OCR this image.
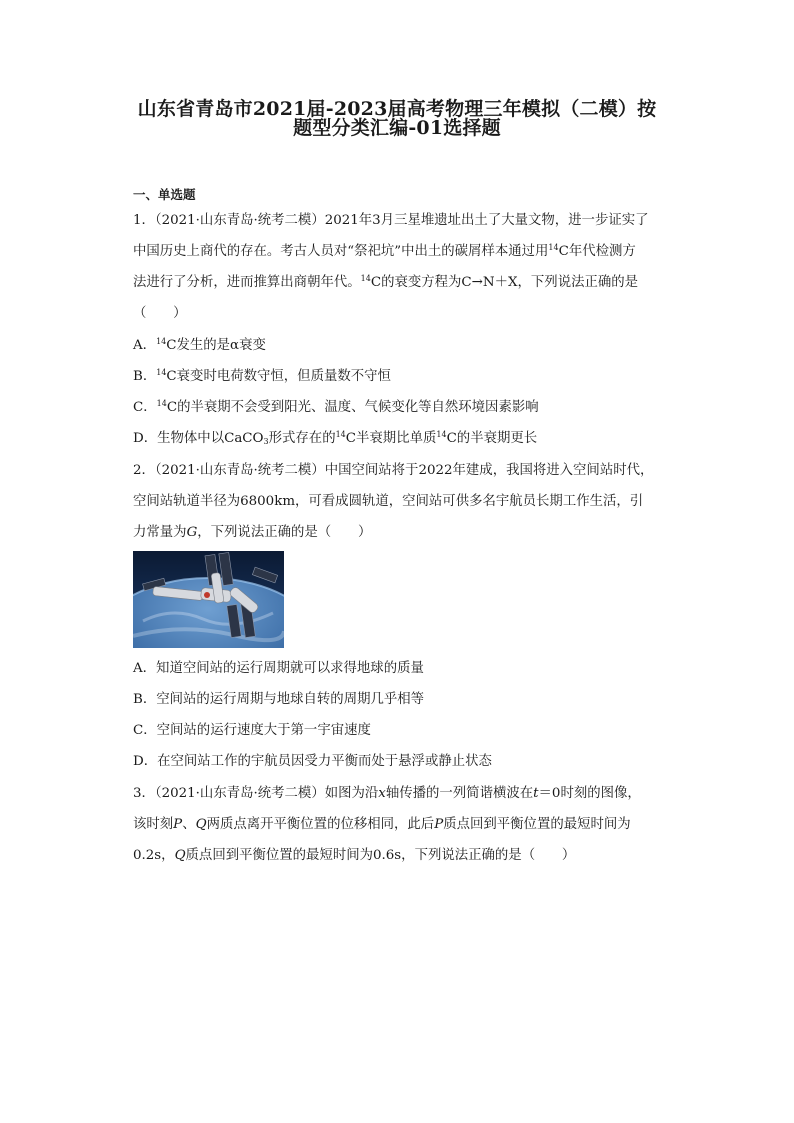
山东省青岛市2021届-2023届高考物理三年模拟（二模）按
题型分类汇编-01选择题
一、单选题
1．（2021·山东青岛·统考二模）2021年3月三星堆遗址出土了大量文物，进一步证实了
中国历史上商代的存在。考古人员对“祭祀坑”中出土的碳屑样本通过用$^{14}$C年代检测方
法进行了分析，进而推算出商朝年代。$^{14}$C的衰变方程为C→N＋X，下列说法正确的是
（　　）
A．$^{14}$C发生的是α衰变
B．$^{14}$C衰变时电荷数守恒，但质量数不守恒
C．$^{14}$C的半衰期不会受到阳光、温度、气候变化等自然环境因素影响
D．生物体中以CaCO$_3$形式存在的$^{14}$C半衰期比单质$^{14}$C的半衰期更长
2．（2021·山东青岛·统考二模）中国空间站将于2022年建成，我国将进入空间站时代，
空间站轨道半径为6800km，可看成圆轨道，空间站可供多名宇航员长期工作生活，引
力常量为G，下列说法正确的是（　　）
A．知道空间站的运行周期就可以求得地球的质量
B．空间站的运行周期与地球自转的周期几乎相等
C．空间站的运行速度大于第一宇宙速度
D．在空间站工作的宇航员因受力平衡而处于悬浮或静止状态
3．（2021·山东青岛·统考二模）如图为沿x轴传播的一列简谐横波在t＝0时刻的图像，
该时刻P、Q两质点离开平衡位置的位移相同，此后P质点回到平衡位置的最短时间为
0.2s，Q质点回到平衡位置的最短时间为0.6s，下列说法正确的是（　　）
